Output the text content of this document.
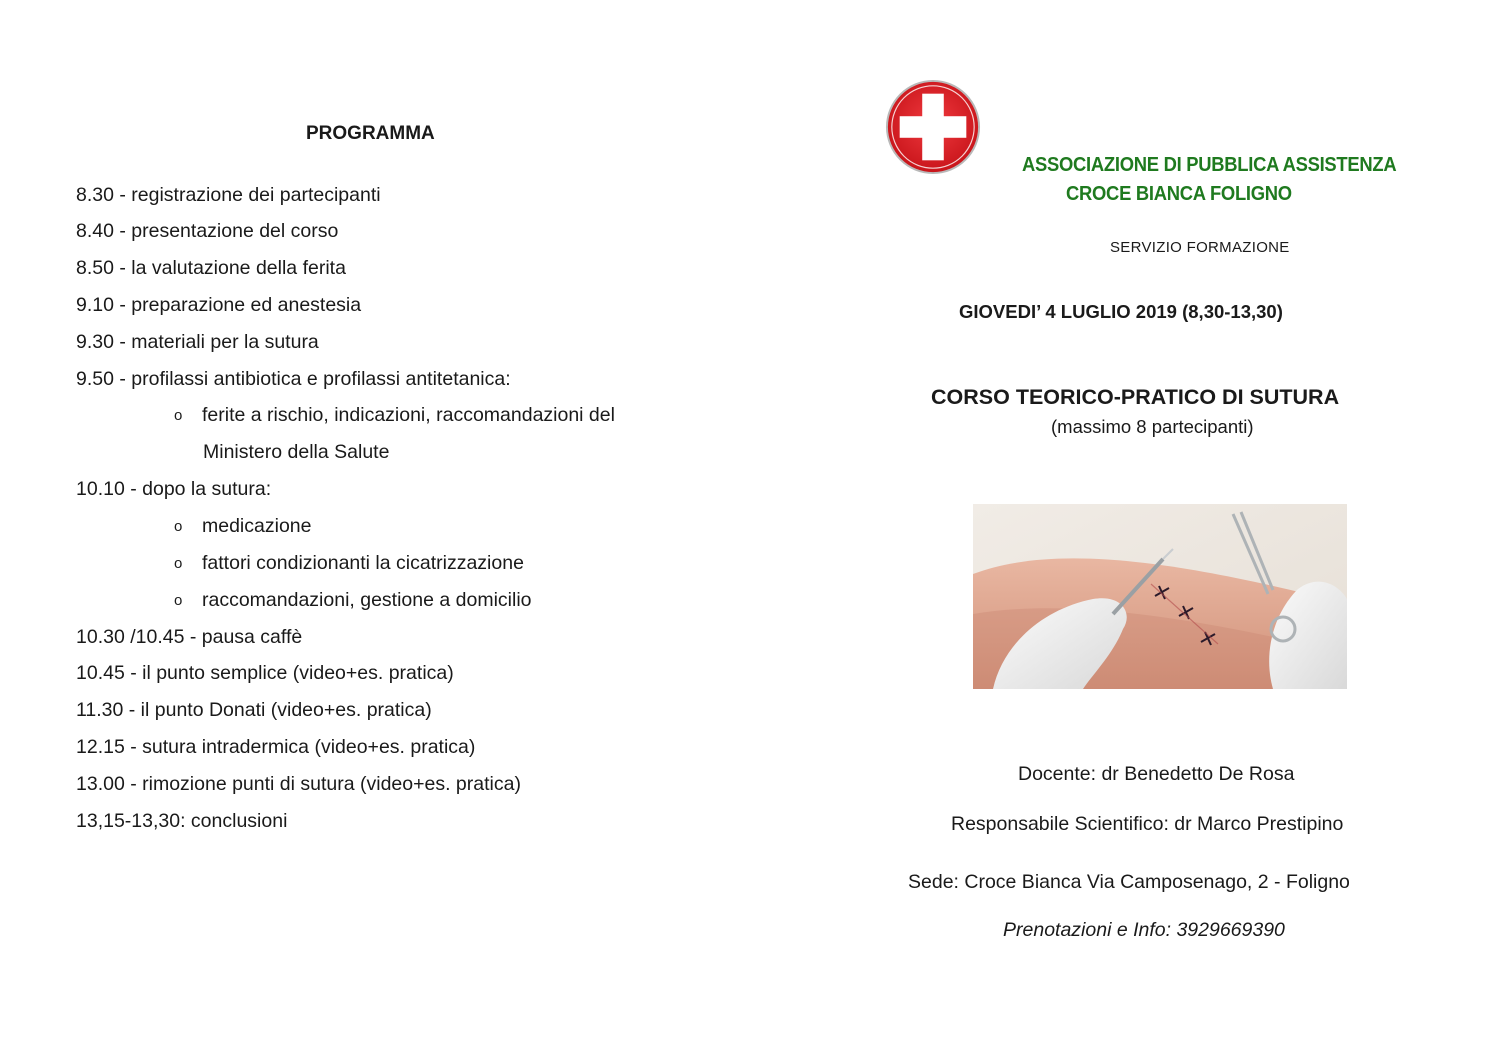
PROGRAMMA
8.30 - registrazione dei partecipanti
8.40 - presentazione del corso
8.50 - la valutazione della ferita
9.10 - preparazione ed anestesia
9.30 - materiali per la sutura
9.50 - profilassi antibiotica e profilassi antitetanica:
o ferite a rischio, indicazioni, raccomandazioni del
Ministero della Salute
10.10 - dopo la sutura:
o medicazione
o fattori condizionanti la cicatrizzazione
o raccomandazioni, gestione a domicilio
10.30 /10.45 - pausa caffè
10.45 - il punto semplice (video+es. pratica)
11.30 - il punto Donati (video+es. pratica)
12.15 - sutura intradermica (video+es. pratica)
13.00 - rimozione punti di sutura (video+es. pratica)
13,15-13,30: conclusioni
ASSOCIAZIONE DI PUBBLICA ASSISTENZA
CROCE BIANCA FOLIGNO
SERVIZIO FORMAZIONE
GIOVEDI’ 4 LUGLIO 2019 (8,30-13,30)
CORSO TEORICO-PRATICO DI SUTURA
(massimo 8 partecipanti)
Docente: dr Benedetto De Rosa
Responsabile Scientifico: dr Marco Prestipino
Sede: Croce Bianca Via Camposenago, 2 - Foligno
Prenotazioni e Info: 3929669390
